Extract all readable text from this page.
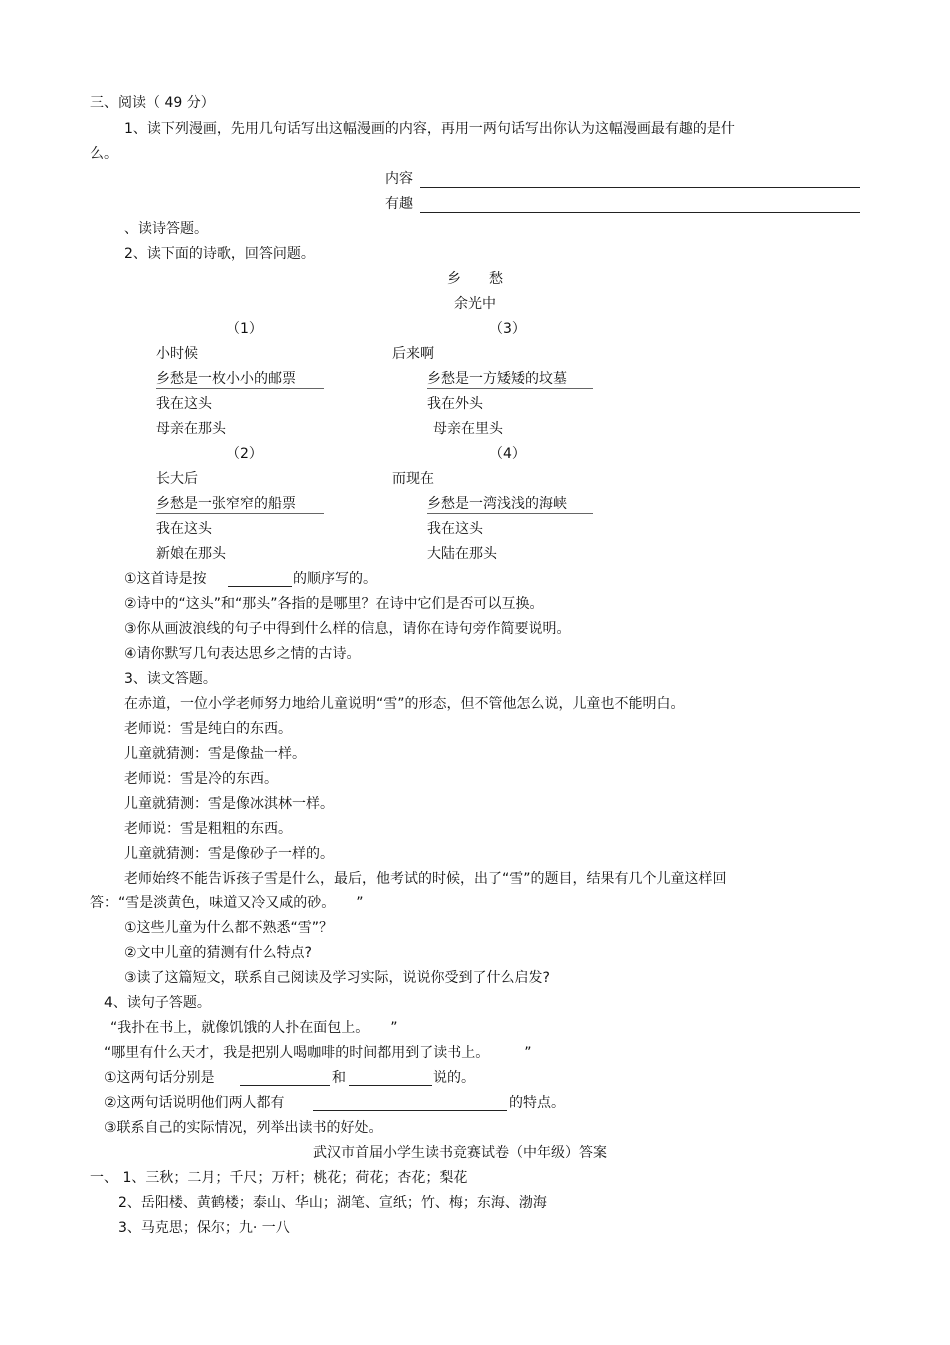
三、阅读（ 49 分）
1、读下列漫画，先用几句话写出这幅漫画的内容，再用一两句话写出你认为这幅漫画最有趣的是什
么。
内容
有趣
、读诗答题。
2、读下面的诗歌，回答问题。
乡　　愁
余光中
（1）
小时候
乡愁是一枚小小的邮票
我在这头
母亲在那头
（3）
后来啊
乡愁是一方矮矮的坟墓
我在外头
母亲在里头
（2）
长大后
乡愁是一张窄窄的船票
我在这头
新娘在那头
（4）
而现在
乡愁是一湾浅浅的海峡
我在这头
大陆在那头
①这首诗是按	的顺序写的。
②诗中的“这头”和“那头”各指的是哪里？在诗中它们是否可以互换。
③你从画波浪线的句子中得到什么样的信息，请你在诗句旁作简要说明。
④请你默写几句表达思乡之情的古诗。
3、读文答题。
在赤道，一位小学老师努力地给儿童说明“雪”的形态，但不管他怎么说，儿童也不能明白。
老师说：雪是纯白的东西。
儿童就猜测：雪是像盐一样。
老师说：雪是冷的东西。
儿童就猜测：雪是像冰淇林一样。
老师说：雪是粗粗的东西。
儿童就猜测：雪是像砂子一样的。
老师始终不能告诉孩子雪是什么，最后，他考试的时候，出了“雪”的题目，结果有几个儿童这样回
答：“雪是淡黄色，味道又冷又咸的砂。　　”
①这些儿童为什么都不熟悉“雪”？
②文中儿童的猜测有什么特点?
③读了这篇短文，联系自己阅读及学习实际，说说你受到了什么启发?
4、读句子答题。
“我扑在书上，就像饥饿的人扑在面包上。　　”
“哪里有什么天才，我是把别人喝咖啡的时间都用到了读书上。　　　”
①这两句话分别是	和	说的。
②这两句话说明他们两人都有	的特点。
③联系自己的实际情况，列举出读书的好处。
武汉市首届小学生读书竞赛试卷（中年级）答案
一、 1、三秋；二月；千尺；万杆；桃花；荷花；杏花；梨花
2、岳阳楼、黄鹤楼；泰山、华山；湖笔、宣纸；竹、梅；东海、渤海
3、马克思；保尔；九· 一八
